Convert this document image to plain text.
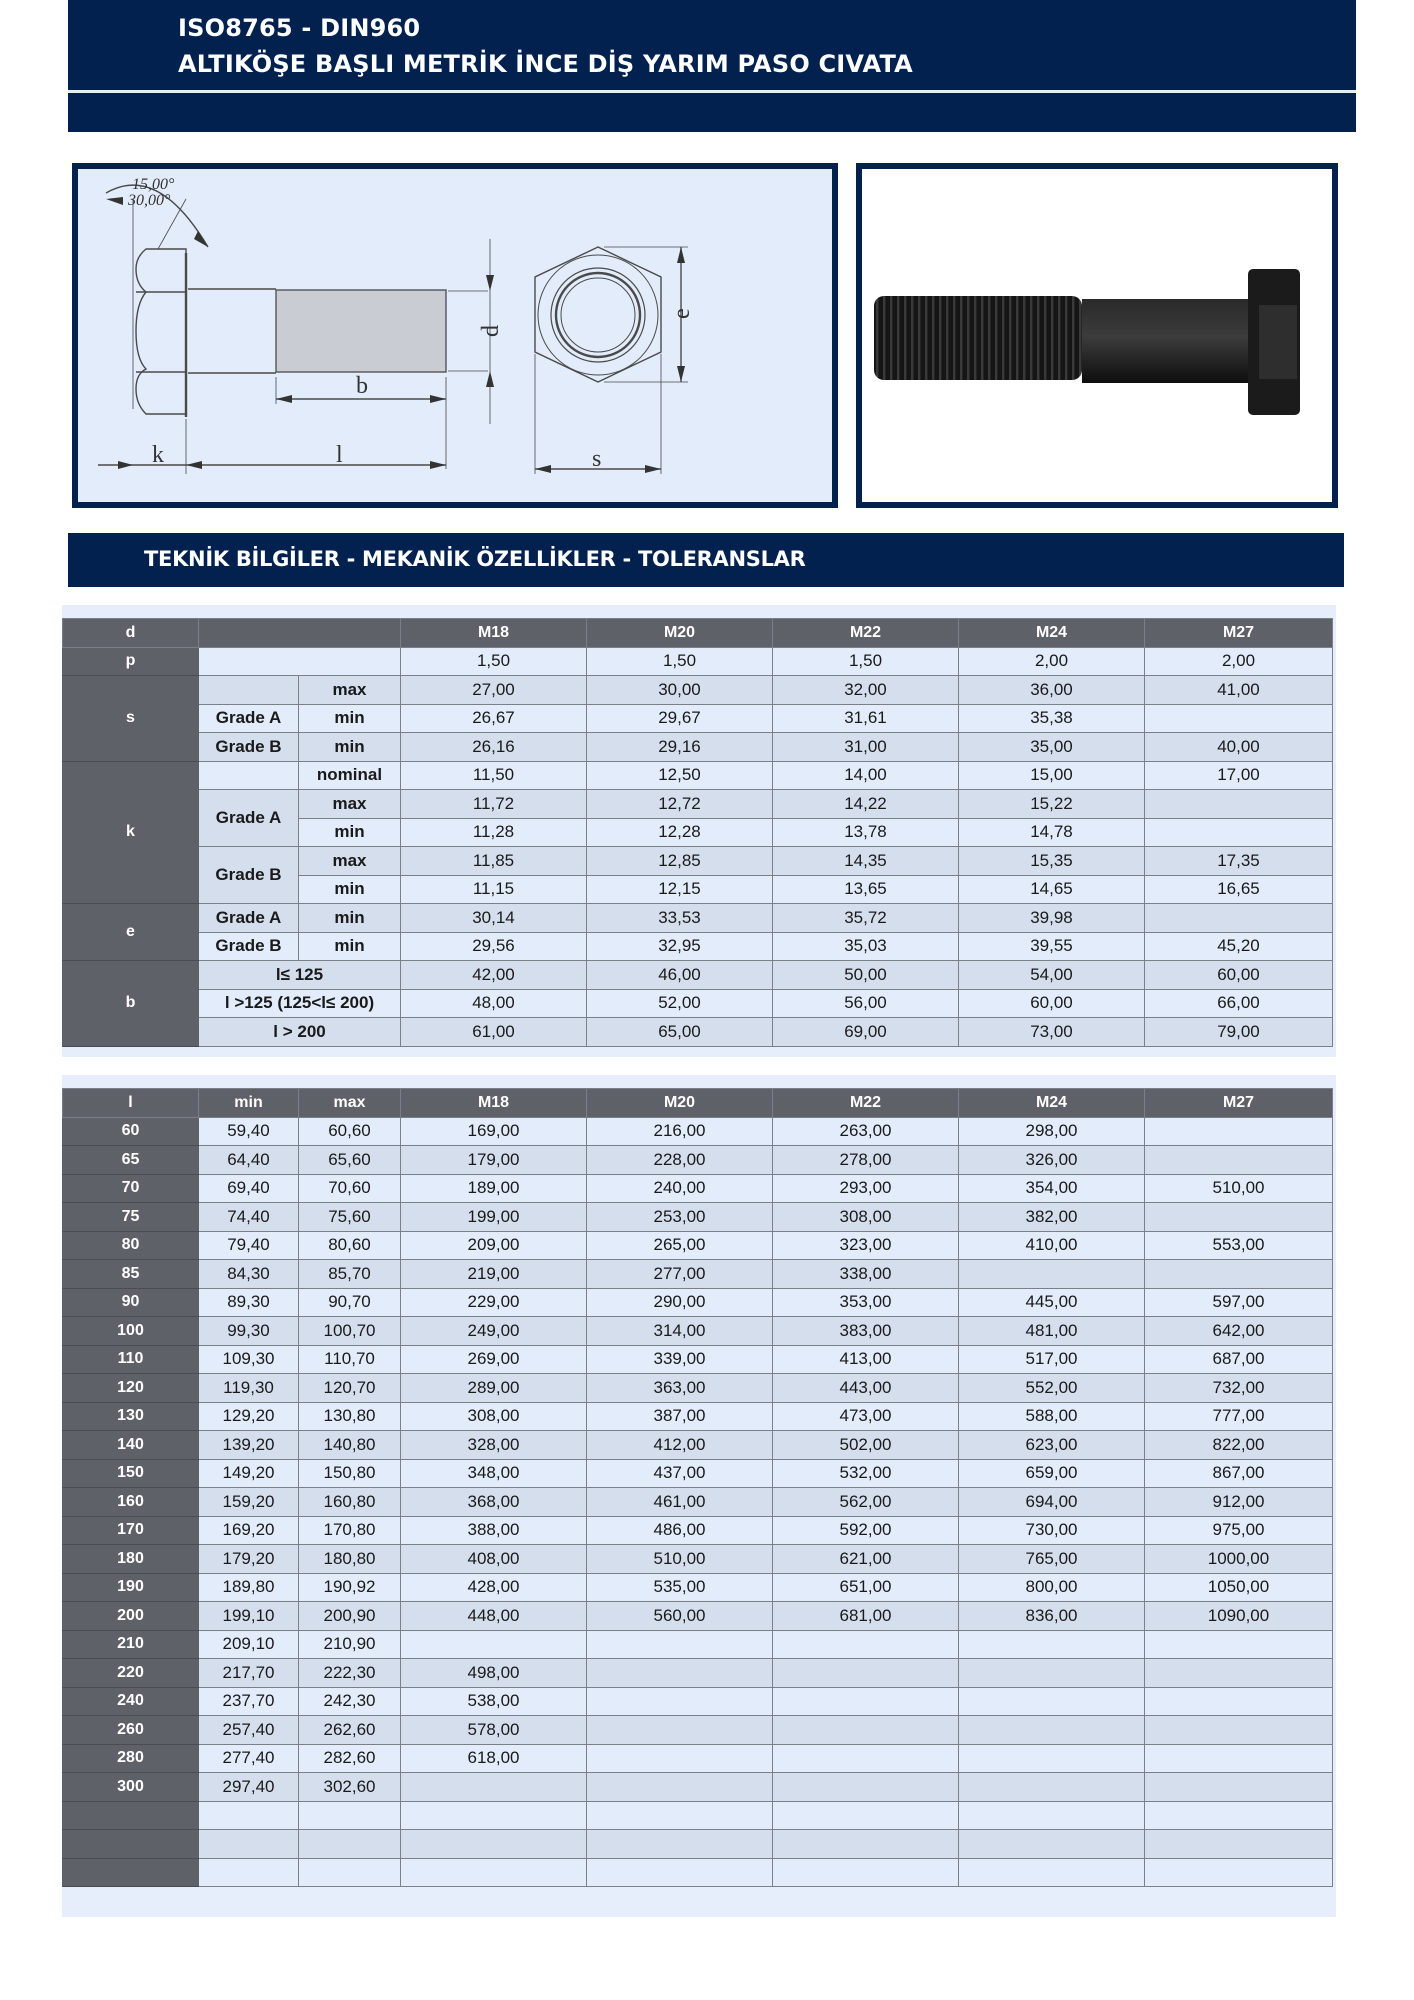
ISO8765 - DIN960
ALTIKÖŞE BAŞLI METRİK İNCE DİŞ YARIM PASO CIVATA
15,00°
30,00°
k	l
b
s
d
e
TEKNİK BİLGİLER - MEKANİK ÖZELLİKLER - TOLERANSLAR
d			M18	M20	M22	M24	M27
p			1,50	1,50	1,50	2,00	2,00
s		max	27,00	30,00	32,00	36,00	41,00
	Grade A	min	26,67	29,67	31,61	35,38	
	Grade B	min	26,16	29,16	31,00	35,00	40,00
k		nominal	11,50	12,50	14,00	15,00	17,00
	Grade A	max	11,72	12,72	14,22	15,22	
		min	11,28	12,28	13,78	14,78	
	Grade B	max	11,85	12,85	14,35	15,35	17,35
		min	11,15	12,15	13,65	14,65	16,65
e	Grade A	min	30,14	33,53	35,72	39,98	
	Grade B	min	29,56	32,95	35,03	39,55	45,20
b	l≤ 125		42,00	46,00	50,00	54,00	60,00
	l >125 (125<l≤ 200)		48,00	52,00	56,00	60,00	66,00
	l > 200		61,00	65,00	69,00	73,00	79,00
l	min	max	M18	M20	M22	M24	M27
60	59,40	60,60	169,00	216,00	263,00	298,00	
65	64,40	65,60	179,00	228,00	278,00	326,00	
70	69,40	70,60	189,00	240,00	293,00	354,00	510,00
75	74,40	75,60	199,00	253,00	308,00	382,00	
80	79,40	80,60	209,00	265,00	323,00	410,00	553,00
85	84,30	85,70	219,00	277,00	338,00		
90	89,30	90,70	229,00	290,00	353,00	445,00	597,00
100	99,30	100,70	249,00	314,00	383,00	481,00	642,00
110	109,30	110,70	269,00	339,00	413,00	517,00	687,00
120	119,30	120,70	289,00	363,00	443,00	552,00	732,00
130	129,20	130,80	308,00	387,00	473,00	588,00	777,00
140	139,20	140,80	328,00	412,00	502,00	623,00	822,00
150	149,20	150,80	348,00	437,00	532,00	659,00	867,00
160	159,20	160,80	368,00	461,00	562,00	694,00	912,00
170	169,20	170,80	388,00	486,00	592,00	730,00	975,00
180	179,20	180,80	408,00	510,00	621,00	765,00	1000,00
190	189,80	190,92	428,00	535,00	651,00	800,00	1050,00
200	199,10	200,90	448,00	560,00	681,00	836,00	1090,00
210	209,10	210,90					
220	217,70	222,30	498,00				
240	237,70	242,30	538,00				
260	257,40	262,60	578,00				
280	277,40	282,60	618,00				
300	297,40	302,60					
